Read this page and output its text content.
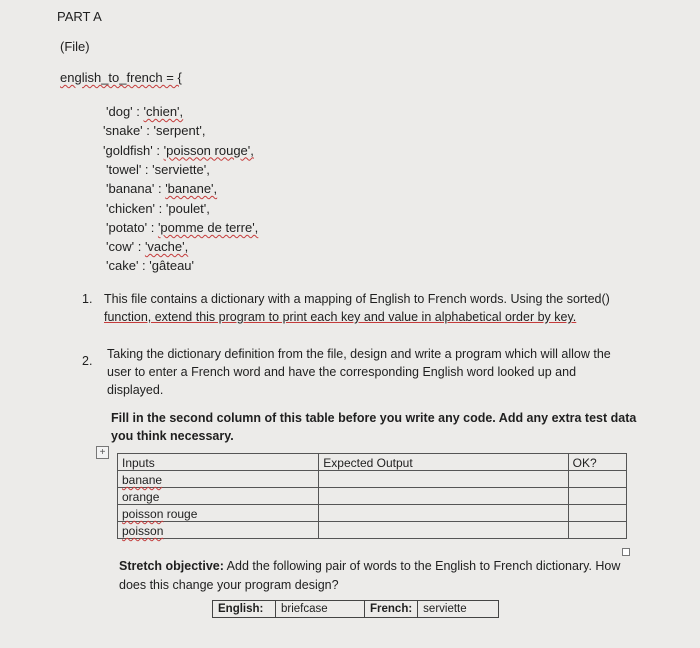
PART A
(File)
english_to_french = {
'dog' : 'chien',
'snake' : 'serpent',
'goldfish' : 'poisson rouge',
'towel' : 'serviette',
'banana' : 'banane',
'chicken' : 'poulet',
'potato' : 'pomme de terre',
'cow' : 'vache',
'cake' : 'gâteau'
1. This file contains a dictionary with a mapping of English to French words. Using the sorted()
function, extend this program to print each key and value in alphabetical order by key.
2. Taking the dictionary definition from the file, design and write a program which will allow the
user to enter a French word and have the corresponding English word looked up and
displayed.
Fill in the second column of this table before you write any code. Add any extra test data
you think necessary.
+
Inputs	Expected Output	OK?
banane		
orange		
poisson rouge		
poisson		
Stretch objective: Add the following pair of words to the English to French dictionary. How
does this change your program design?
English:	briefcase	French:	serviette
